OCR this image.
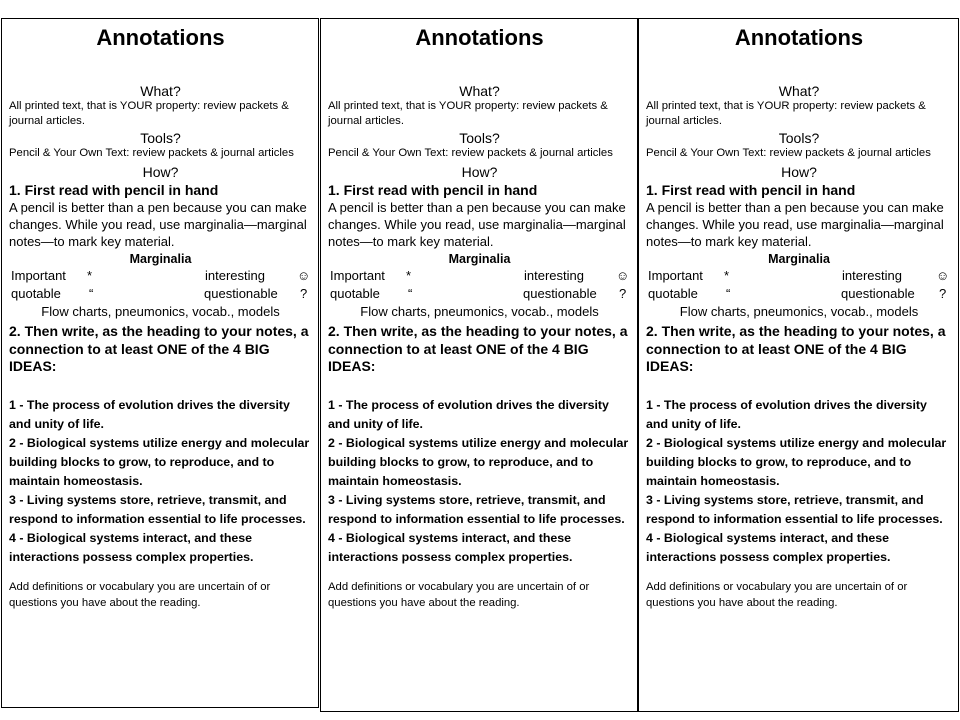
Annotations
What?
All printed text, that is YOUR property: review packets & journal articles.
Tools?
Pencil & Your Own Text: review packets & journal articles
How?
1. First read with pencil in hand
A pencil is better than a pen because you can make changes. While you read, use marginalia—marginal notes—to mark key material.
Marginalia
Important *	interesting ☺
quotable “	questionable ?
Flow charts, pneumonics, vocab., models
2. Then write, as the heading to your notes, a connection to at least ONE of the 4 BIG IDEAS:
1 - The process of evolution drives the diversity and unity of life.
2 - Biological systems utilize energy and molecular building blocks to grow, to reproduce, and to maintain homeostasis.
3 - Living systems store, retrieve, transmit, and respond to information essential to life processes.
4 - Biological systems interact, and these interactions possess complex properties.
Add definitions or vocabulary you are uncertain of or questions you have about the reading.
Annotations
What?
All printed text, that is YOUR property: review packets & journal articles.
Tools?
Pencil & Your Own Text: review packets & journal articles
How?
1. First read with pencil in hand
A pencil is better than a pen because you can make changes. While you read, use marginalia—marginal notes—to mark key material.
Marginalia
Important *	interesting ☺
quotable “	questionable ?
Flow charts, pneumonics, vocab., models
2. Then write, as the heading to your notes, a connection to at least ONE of the 4 BIG IDEAS:
1 - The process of evolution drives the diversity and unity of life.
2 - Biological systems utilize energy and molecular building blocks to grow, to reproduce, and to maintain homeostasis.
3 - Living systems store, retrieve, transmit, and respond to information essential to life processes.
4 - Biological systems interact, and these interactions possess complex properties.
Add definitions or vocabulary you are uncertain of or questions you have about the reading.
Annotations
What?
All printed text, that is YOUR property: review packets & journal articles.
Tools?
Pencil & Your Own Text: review packets & journal articles
How?
1. First read with pencil in hand
A pencil is better than a pen because you can make changes. While you read, use marginalia—marginal notes—to mark key material.
Marginalia
Important *	interesting	☺
quotable “	questionable ?
Flow charts, pneumonics, vocab., models
2. Then write, as the heading to your notes, a connection to at least ONE of the 4 BIG IDEAS:
1 - The process of evolution drives the diversity and unity of life.
2 - Biological systems utilize energy and molecular building blocks to grow, to reproduce, and to maintain homeostasis.
3 - Living systems store, retrieve, transmit, and respond to information essential to life processes.
4 - Biological systems interact, and these interactions possess complex properties.
Add definitions or vocabulary you are uncertain of or questions you have about the reading.
